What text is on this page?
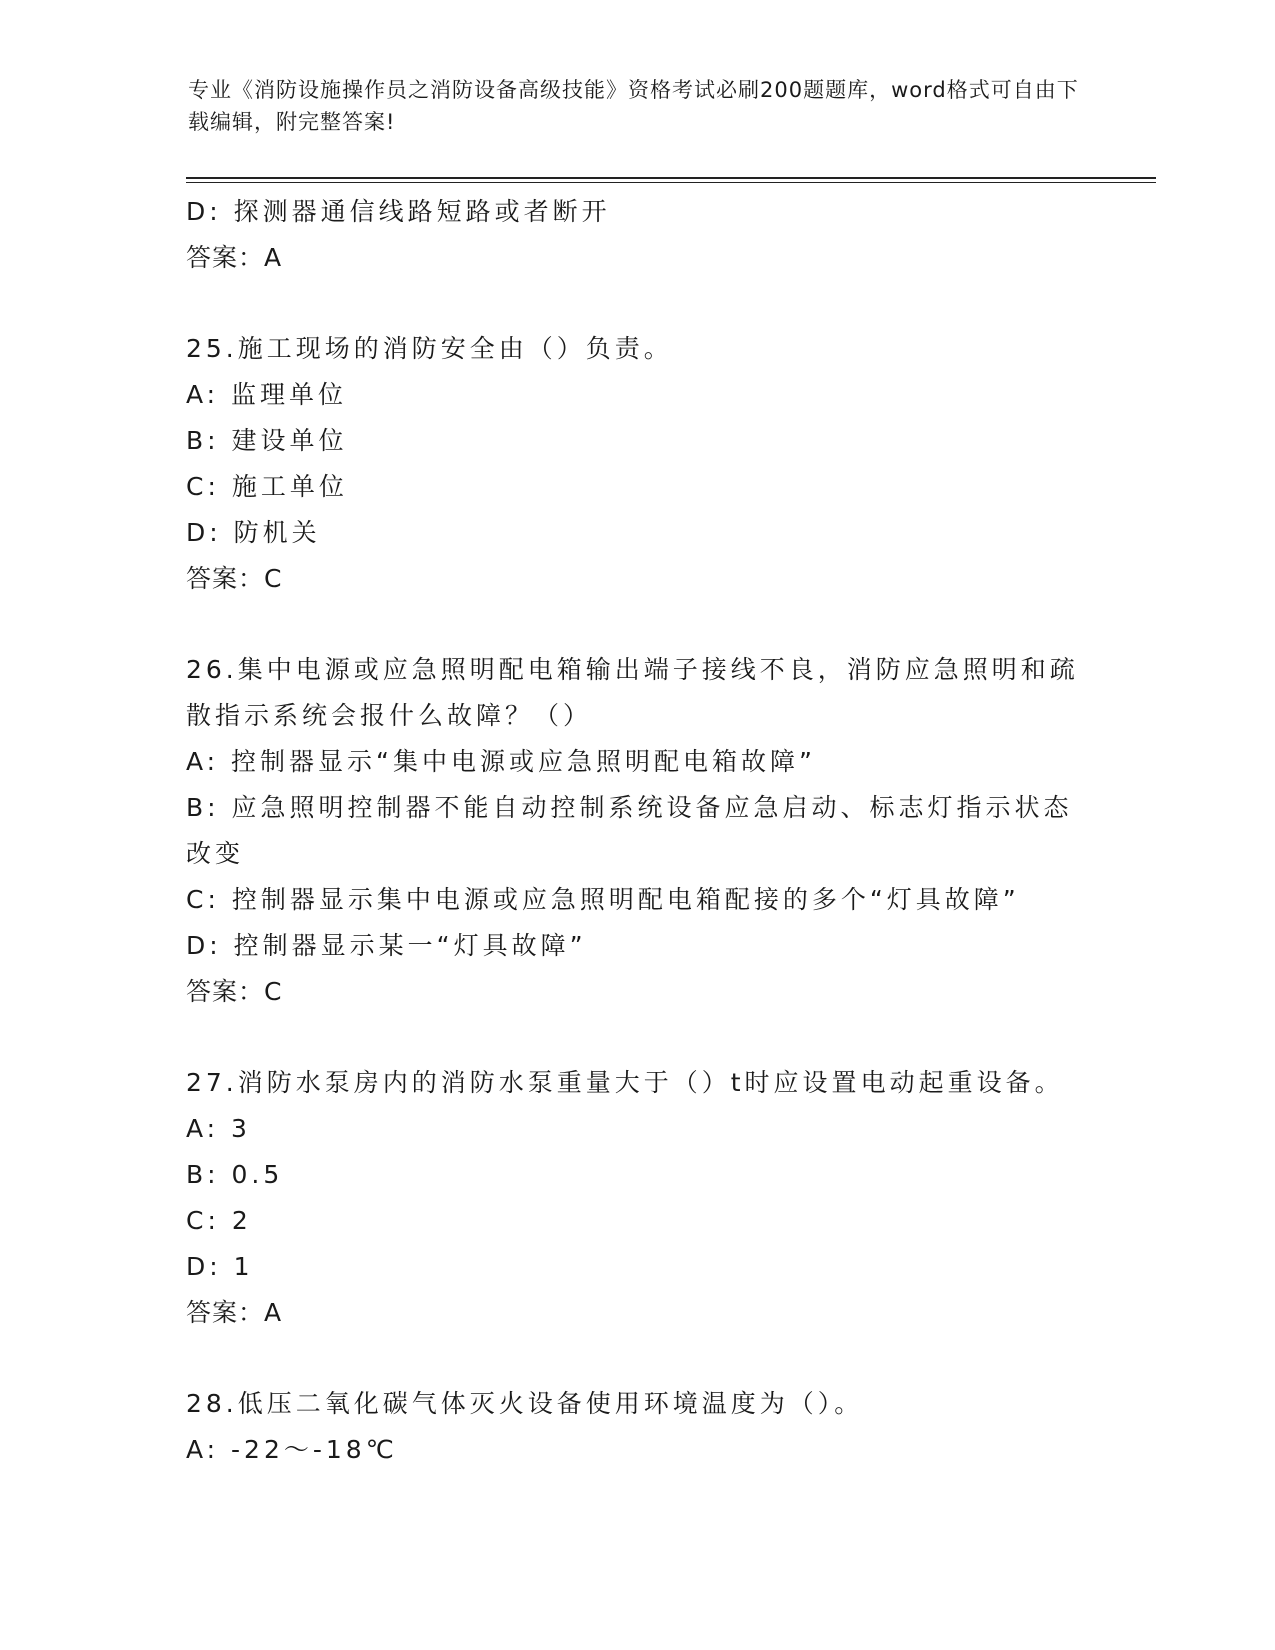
专业《消防设施操作员之消防设备高级技能》资格考试必刷200题题库，word格式可自由下载编辑，附完整答案!
D: 探测器通信线路短路或者断开
答案：A
25.施工现场的消防安全由（）负责。
A: 监理单位
B: 建设单位
C: 施工单位
D: 防机关
答案：C
26.集中电源或应急照明配电箱输出端子接线不良，消防应急照明和疏散指示系统会报什么故障？（）
A: 控制器显示“集中电源或应急照明配电箱故障”
B: 应急照明控制器不能自动控制系统设备应急启动、标志灯指示状态改变
C: 控制器显示集中电源或应急照明配电箱配接的多个“灯具故障”
D: 控制器显示某一“灯具故障”
答案：C
27.消防水泵房内的消防水泵重量大于（）t时应设置电动起重设备。
A: 3
B: 0.5
C: 2
D: 1
答案：A
28.低压二氧化碳气体灭火设备使用环境温度为（）。
A: -22～-18℃
